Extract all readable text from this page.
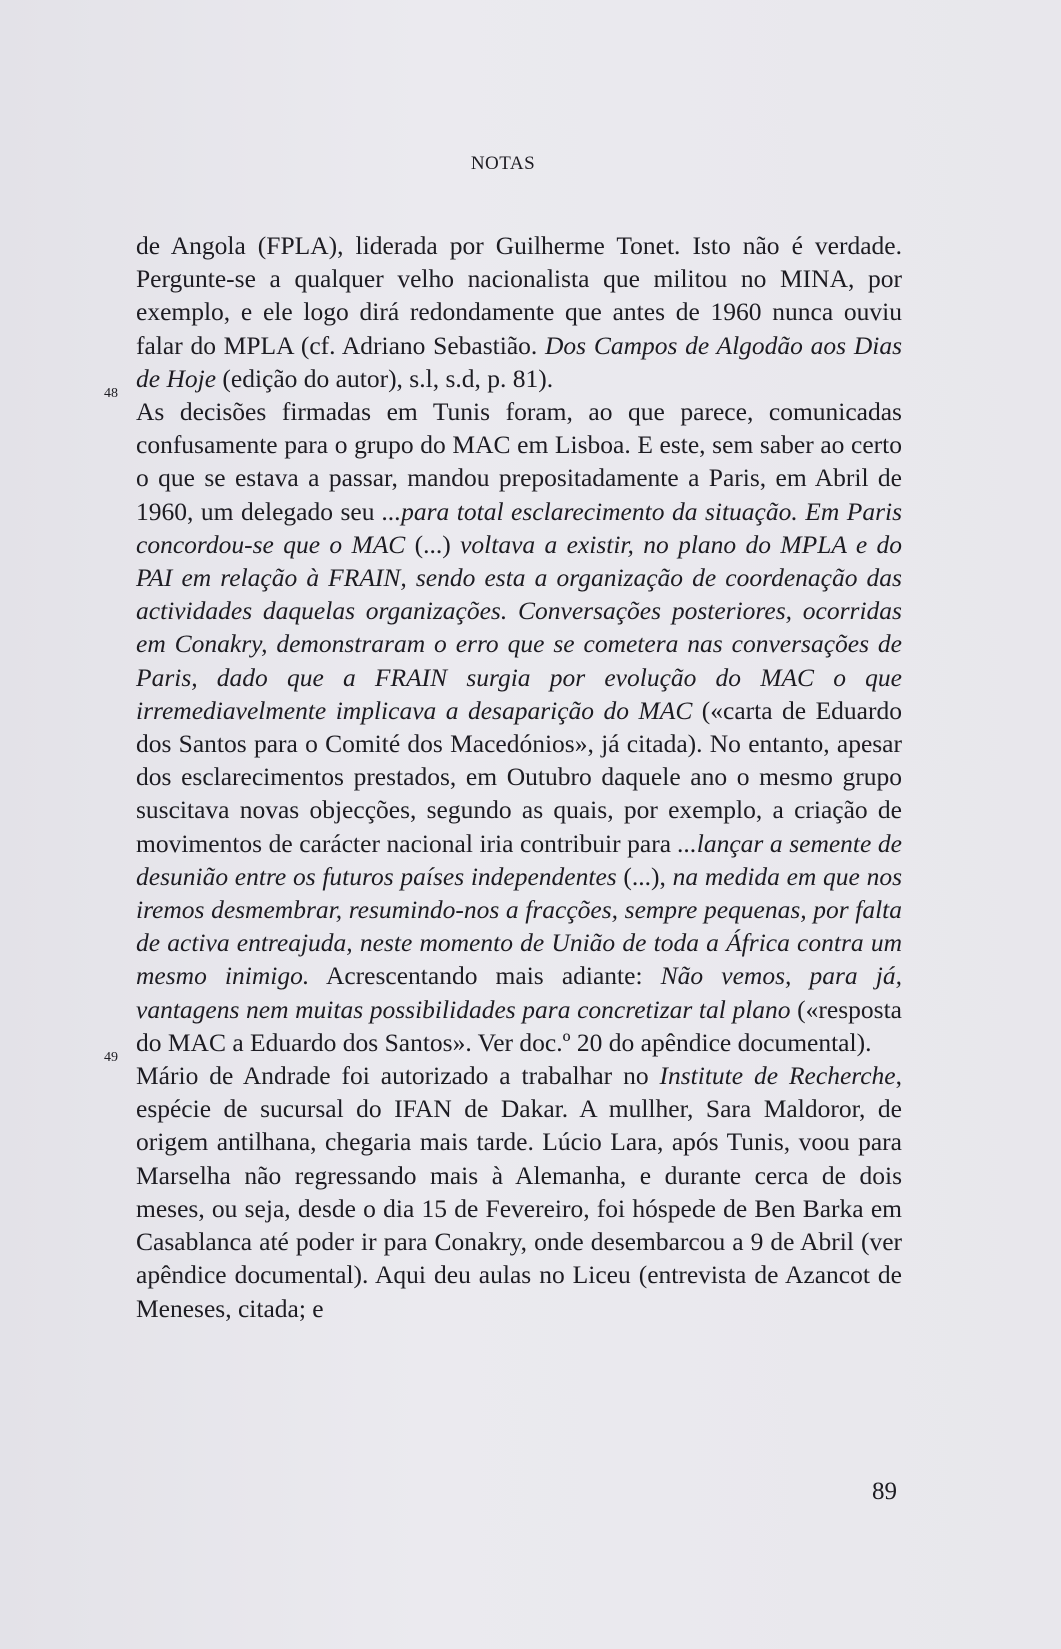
NOTAS

de Angola (FPLA), liderada por Guilherme Tonet. Isto não é verdade. Pergunte-se a qualquer velho nacionalista que militou no MINA, por exemplo, e ele logo dirá redondamente que antes de 1960 nunca ouviu falar do MPLA (cf. Adriano Sebastião. Dos Campos de Algodão aos Dias de Hoje (edição do autor), s.l, s.d, p. 81).

48
As decisões firmadas em Tunis foram, ao que parece, comunicadas confusamente para o grupo do MAC em Lisboa. E este, sem saber ao certo o que se estava a passar, mandou prepositadamente a Paris, em Abril de 1960, um delegado seu ...para total esclarecimento da situação. Em Paris concordou-se que o MAC (...) voltava a existir, no plano do MPLA e do PAI em relação à FRAIN, sendo esta a organização de coordenação das actividades daquelas organizações. Conversações posteriores, ocorridas em Conakry, demonstraram o erro que se cometera nas conversações de Paris, dado que a FRAIN surgia por evolução do MAC o que irremediavelmente implicava a desaparição do MAC («carta de Eduardo dos Santos para o Comité dos Macedónios», já citada). No entanto, apesar dos esclarecimentos prestados, em Outubro daquele ano o mesmo grupo suscitava novas objecções, segundo as quais, por exemplo, a criação de movimentos de carácter nacional iria contribuir para ...lançar a semente de desunião entre os futuros países independentes (...), na medida em que nos iremos desmembrar, resumindo-nos a fracções, sempre pequenas, por falta de activa entreajuda, neste momento de União de toda a África contra um mesmo inimigo. Acrescentando mais adiante: Não vemos, para já, vantagens nem muitas possibilidades para concretizar tal plano («resposta do MAC a Eduardo dos Santos». Ver doc.º 20 do apêndice documental).

49
Mário de Andrade foi autorizado a trabalhar no Institute de Recherche, espécie de sucursal do IFAN de Dakar. A mullher, Sara Maldoror, de origem antilhana, chegaria mais tarde. Lúcio Lara, após Tunis, voou para Marselha não regressando mais à Alemanha, e durante cerca de dois meses, ou seja, desde o dia 15 de Fevereiro, foi hóspede de Ben Barka em Casablanca até poder ir para Conakry, onde desembarcou a 9 de Abril (ver apêndice documental). Aqui deu aulas no Liceu (entrevista de Azancot de Meneses, citada; e

89
